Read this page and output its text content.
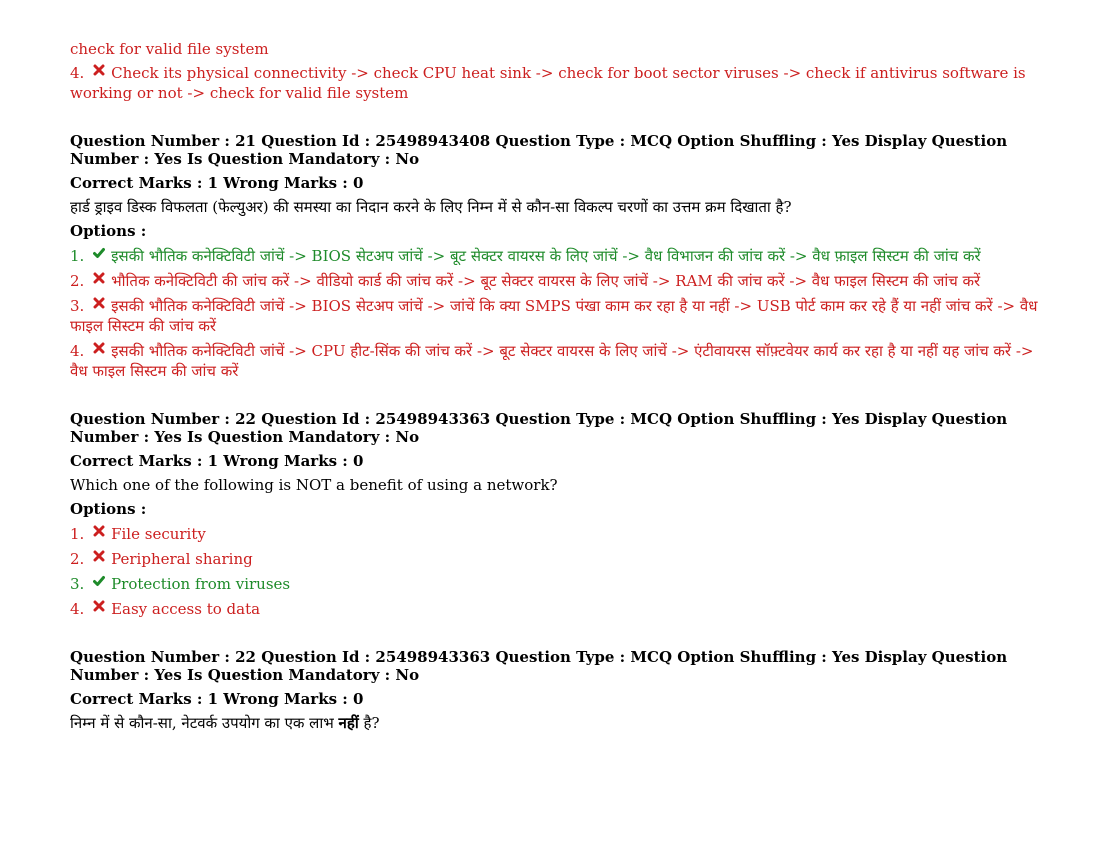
check for valid file system
4. Check its physical connectivity -> check CPU heat sink -> check for boot sector viruses -> check if antivirus software is working or not -> check for valid file system
Question Number : 21 Question Id : 25498943408 Question Type : MCQ Option Shuffling : Yes Display Question Number : Yes Is Question Mandatory : No
Correct Marks : 1 Wrong Marks : 0
हार्ड ड्राइव डिस्क विफलता (फेल्युअर) की समस्या का निदान करने के लिए निम्न में से कौन-सा विकल्प चरणों का उत्तम क्रम दिखाता है?
Options :
1. इसकी भौतिक कनेक्टिविटी जांचें -> BIOS सेटअप जांचें -> बूट सेक्टर वायरस के लिए जांचें -> वैध विभाजन की जांच करें -> वैध फ़ाइल सिस्टम की जांच करें
2. भौतिक कनेक्टिविटी की जांच करें -> वीडियो कार्ड की जांच करें -> बूट सेक्टर वायरस के लिए जांचें -> RAM की जांच करें -> वैध फाइल सिस्टम की जांच करें
3. इसकी भौतिक कनेक्टिविटी जांचें -> BIOS सेटअप जांचें -> जांचें कि क्या SMPS पंखा काम कर रहा है या नहीं -> USB पोर्ट काम कर रहे हैं या नहीं जांच करें -> वैध फाइल सिस्टम की जांच करें
4. इसकी भौतिक कनेक्टिविटी जांचें -> CPU हीट-सिंक की जांच करें -> बूट सेक्टर वायरस के लिए जांचें -> एंटीवायरस सॉफ़्टवेयर कार्य कर रहा है या नहीं यह जांच करें -> वैध फाइल सिस्टम की जांच करें
Question Number : 22 Question Id : 25498943363 Question Type : MCQ Option Shuffling : Yes Display Question Number : Yes Is Question Mandatory : No
Correct Marks : 1 Wrong Marks : 0
Which one of the following is NOT a benefit of using a network?
Options :
1. File security
2. Peripheral sharing
3. Protection from viruses
4. Easy access to data
Question Number : 22 Question Id : 25498943363 Question Type : MCQ Option Shuffling : Yes Display Question Number : Yes Is Question Mandatory : No
Correct Marks : 1 Wrong Marks : 0
निम्न में से कौन-सा, नेटवर्क उपयोग का एक लाभ नहीं है?
